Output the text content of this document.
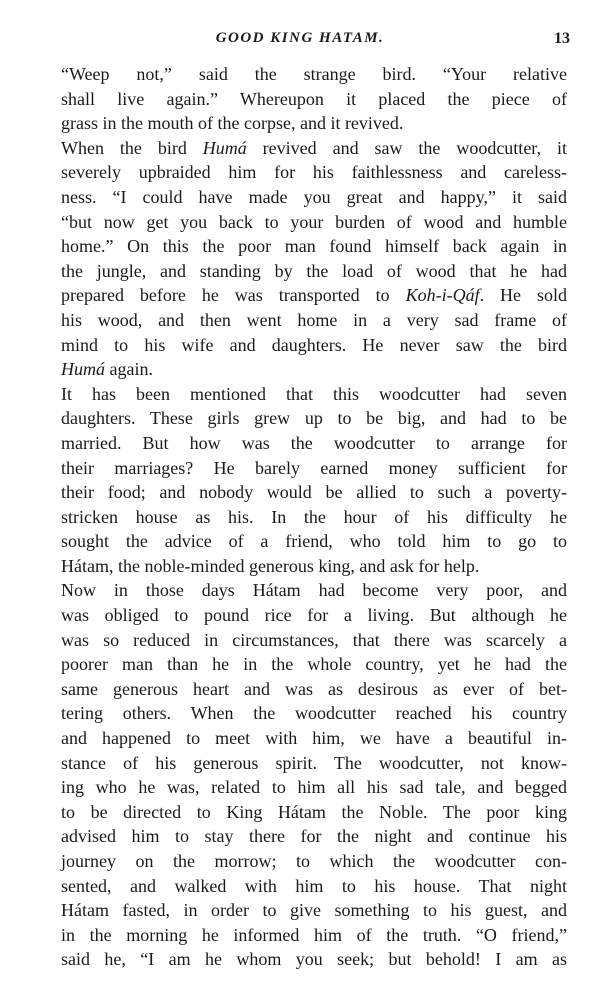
GOOD KING HATAM.	13
“Weep not,” said the strange bird. “Your relative
shall live again.” Whereupon it placed the piece of
grass in the mouth of the corpse, and it revived.
When the bird Humá revived and saw the woodcutter, it
severely upbraided him for his faithlessness and careless-
ness. “I could have made you great and happy,” it said
“but now get you back to your burden of wood and humble
home.” On this the poor man found himself back again in
the jungle, and standing by the load of wood that he had
prepared before he was transported to Koh-i-Qáf. He sold
his wood, and then went home in a very sad frame of
mind to his wife and daughters. He never saw the bird
Humá again.
It has been mentioned that this woodcutter had seven
daughters. These girls grew up to be big, and had to be
married. But how was the woodcutter to arrange for
their marriages? He barely earned money sufficient for
their food; and nobody would be allied to such a poverty-
stricken house as his. In the hour of his difficulty he
sought the advice of a friend, who told him to go to
Hátam, the noble-minded generous king, and ask for help.
Now in those days Hátam had become very poor, and
was obliged to pound rice for a living. But although he
was so reduced in circumstances, that there was scarcely a
poorer man than he in the whole country, yet he had the
same generous heart and was as desirous as ever of bet-
tering others. When the woodcutter reached his country
and happened to meet with him, we have a beautiful in-
stance of his generous spirit. The woodcutter, not know-
ing who he was, related to him all his sad tale, and begged
to be directed to King Hátam the Noble. The poor king
advised him to stay there for the night and continue his
journey on the morrow; to which the woodcutter con-
sented, and walked with him to his house. That night
Hátam fasted, in order to give something to his guest, and
in the morning he informed him of the truth. “O friend,”
said he, “I am he whom you seek; but behold! I am as
